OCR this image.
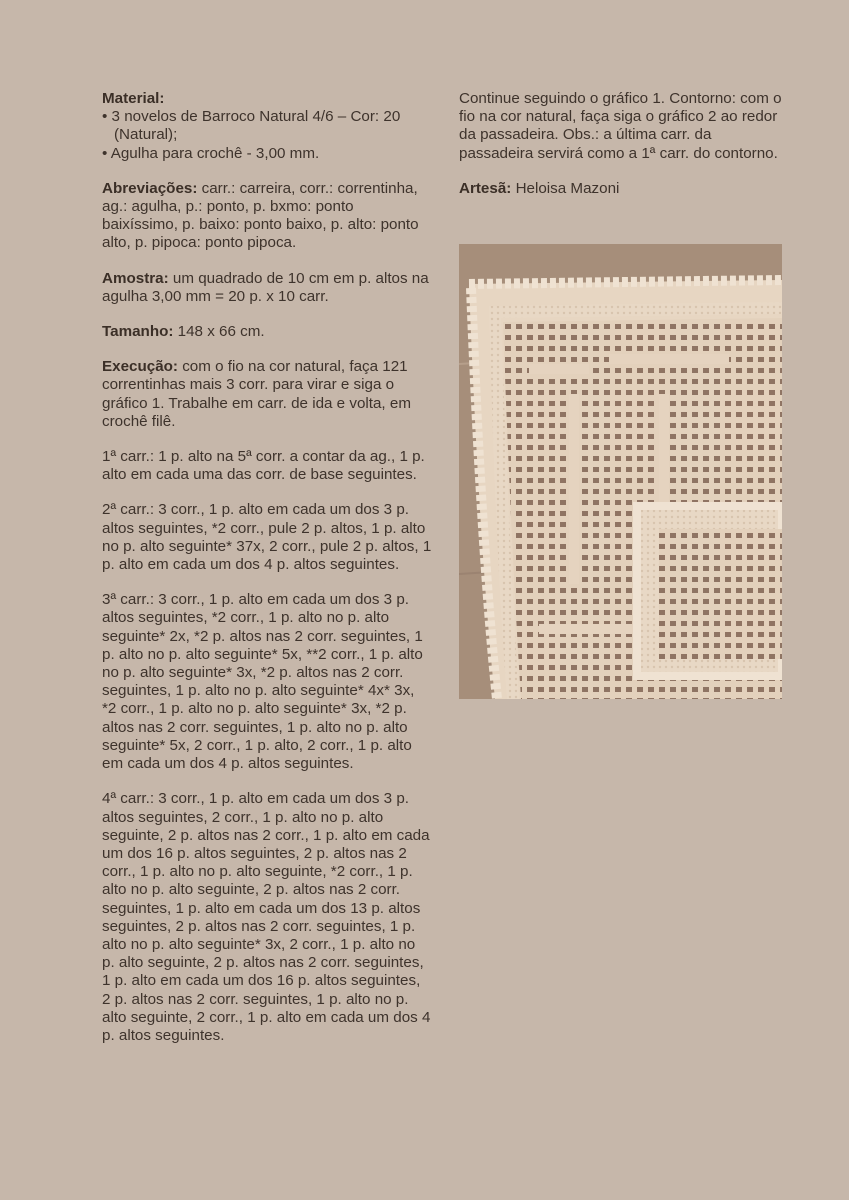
Material:

• 3 novelos de Barroco Natural 4/6 – Cor: 20 (Natural);

• Agulha para crochê - 3,00 mm.

Abreviações: carr.: carreira, corr.: correntinha, ag.: agulha, p.: ponto, p. bxmo: ponto baixíssimo, p. baixo: ponto baixo, p. alto: ponto alto, p. pipoca: ponto pipoca.

Amostra: um quadrado de 10 cm em p. altos na agulha 3,00 mm = 20 p. x 10 carr.

Tamanho: 148 x 66 cm.

Execução: com o fio na cor natural, faça 121 correntinhas mais 3 corr. para virar e siga o gráfico 1. Trabalhe em carr. de ida e volta, em crochê filê.

1ª carr.: 1 p. alto na 5ª corr. a contar da ag., 1 p. alto em cada uma das corr. de base seguintes.

2ª carr.: 3 corr., 1 p. alto em cada um dos 3 p. altos seguintes, *2 corr., pule 2 p. altos, 1 p. alto no p. alto seguinte* 37x, 2 corr., pule 2 p. altos, 1 p. alto em cada um dos 4 p. altos seguintes.

3ª carr.: 3 corr., 1 p. alto em cada um dos 3 p. altos seguintes, *2 corr., 1 p. alto no p. alto seguinte* 2x, *2 p. altos nas 2 corr. seguintes, 1 p. alto no p. alto seguinte* 5x, **2 corr., 1 p. alto no p. alto seguinte* 3x, *2 p. altos nas 2 corr. seguintes, 1 p. alto no p. alto seguinte* 4x* 3x, *2 corr., 1 p. alto no p. alto seguinte* 3x, *2 p. altos nas 2 corr. seguintes, 1 p. alto no p. alto seguinte* 5x, 2 corr., 1 p. alto, 2 corr., 1 p. alto em cada um dos 4 p. altos seguintes.

4ª carr.: 3 corr., 1 p. alto em cada um dos 3 p. altos seguintes, 2 corr., 1 p. alto no p. alto seguinte, 2 p. altos nas 2 corr., 1 p. alto em cada um dos 16 p. altos seguintes, 2 p. altos nas 2 corr., 1 p. alto no p. alto seguinte, *2 corr., 1 p. alto no p. alto seguinte, 2 p. altos nas 2 corr. seguintes, 1 p. alto em cada um dos 13 p. altos seguintes, 2 p. altos nas 2 corr. seguintes, 1 p. alto no p. alto seguinte* 3x, 2 corr., 1 p. alto no p. alto seguinte, 2 p. altos nas 2 corr. seguintes, 1 p. alto em cada um dos 16 p. altos seguintes, 2 p. altos nas 2 corr. seguintes, 1 p. alto no p. alto seguinte, 2 corr., 1 p. alto em cada um dos 4 p. altos seguintes.

Continue seguindo o gráfico 1. Contorno: com o fio na cor natural, faça siga o gráfico 2 ao redor da passadeira. Obs.: a última carr. da passadeira servirá como a 1ª carr. do contorno.

Artesã: Heloisa Mazoni
